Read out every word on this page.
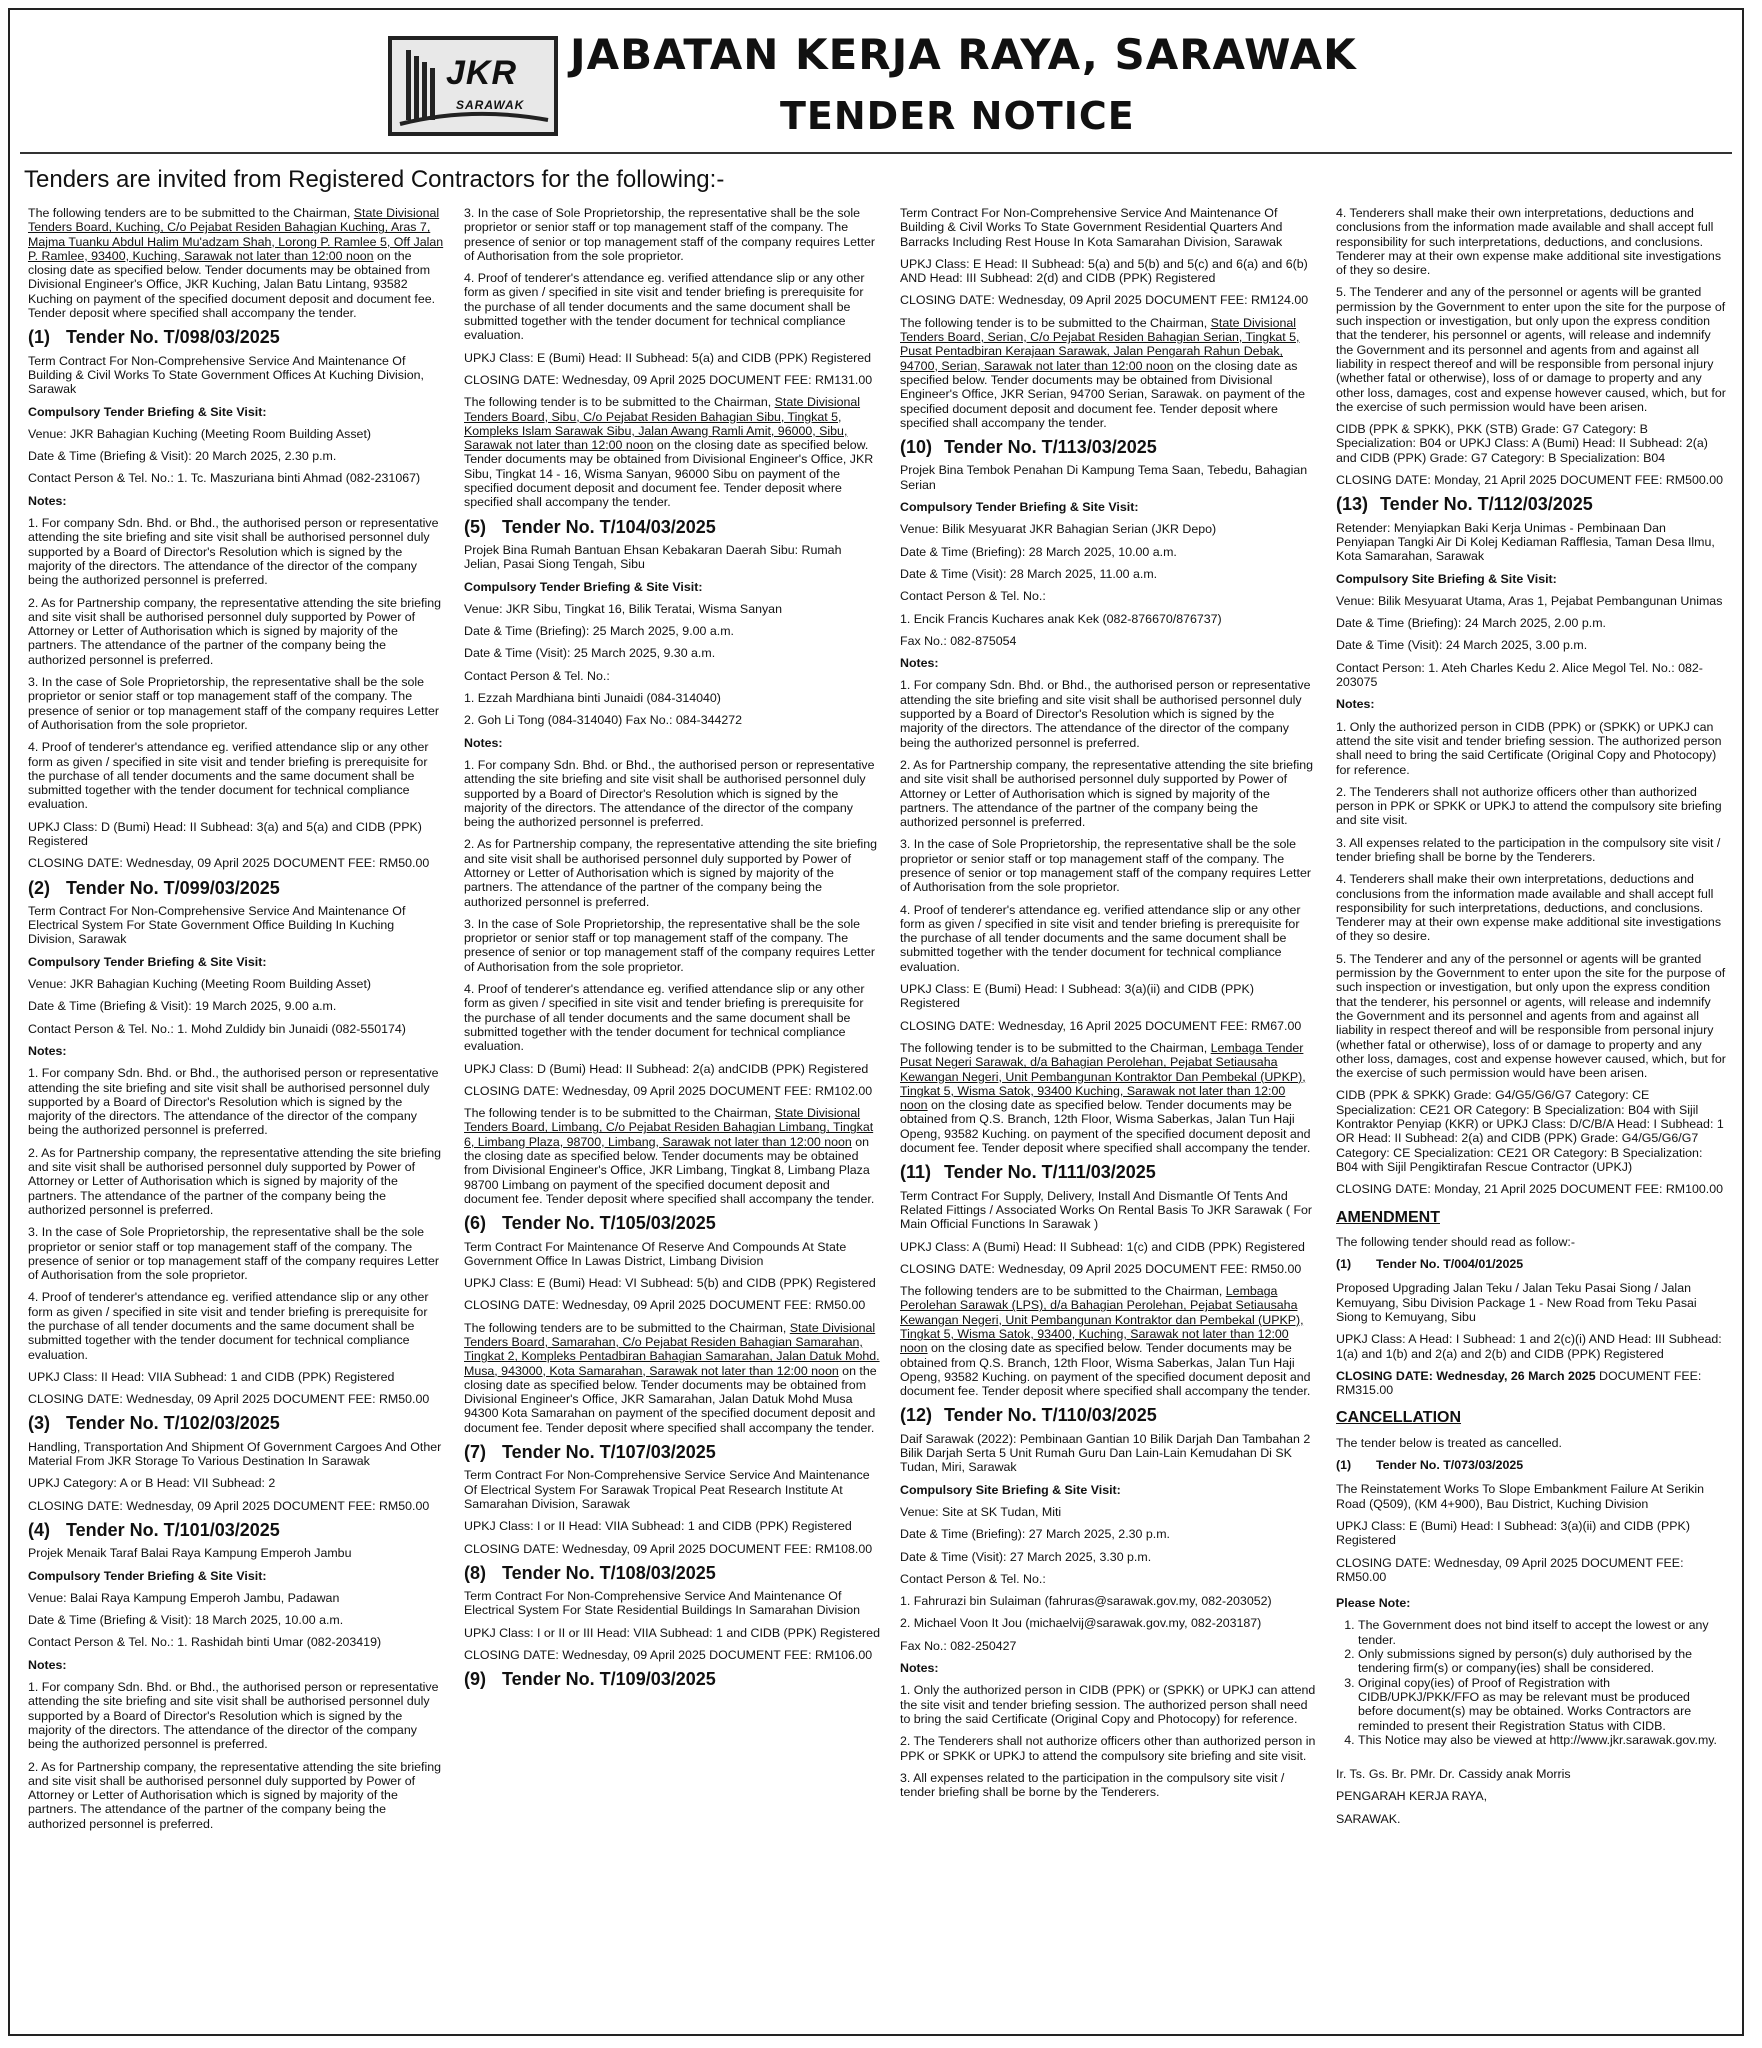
JKR
SARAWAK
JABATAN KERJA RAYA, SARAWAK
TENDER NOTICE
Tenders are invited from Registered Contractors for the following:-

The following tenders are to be submitted to the Chairman, State Divisional Tenders Board, Kuching, C/o Pejabat Residen Bahagian Kuching, Aras 7, Majma Tuanku Abdul Halim Mu'adzam Shah, Lorong P. Ramlee 5, Off Jalan P. Ramlee, 93400, Kuching, Sarawak not later than 12:00 noon on the closing date as specified below. Tender documents may be obtained from Divisional Engineer's Office, JKR Kuching, Jalan Batu Lintang, 93582 Kuching on payment of the specified document deposit and document fee. Tender deposit where specified shall accompany the tender.

(1) Tender No. T/098/03/2025

Term Contract For Non-Comprehensive Service And Maintenance Of Building & Civil Works To State Government Offices At Kuching Division, Sarawak

Compulsory Tender Briefing & Site Visit:

Venue: JKR Bahagian Kuching (Meeting Room Building Asset)

Date & Time (Briefing & Visit): 20 March 2025, 2.30 p.m.

Contact Person & Tel. No.: 1. Tc. Maszuriana binti Ahmad (082-231067)

Notes:

1. For company Sdn. Bhd. or Bhd., the authorised person or representative attending the site briefing and site visit shall be authorised personnel duly supported by a Board of Director's Resolution which is signed by the majority of the directors. The attendance of the director of the company being the authorized personnel is preferred.

2. As for Partnership company, the representative attending the site briefing and site visit shall be authorised personnel duly supported by Power of Attorney or Letter of Authorisation which is signed by majority of the partners. The attendance of the partner of the company being the authorized personnel is preferred.

3. In the case of Sole Proprietorship, the representative shall be the sole proprietor or senior staff or top management staff of the company. The presence of senior or top management staff of the company requires Letter of Authorisation from the sole proprietor.

4. Proof of tenderer's attendance eg. verified attendance slip or any other form as given / specified in site visit and tender briefing is prerequisite for the purchase of all tender documents and the same document shall be submitted together with the tender document for technical compliance evaluation.

UPKJ Class: D (Bumi) Head: II Subhead: 3(a) and 5(a) and CIDB (PPK) Registered

CLOSING DATE: Wednesday, 09 April 2025 DOCUMENT FEE: RM50.00

(2) Tender No. T/099/03/2025

Term Contract For Non-Comprehensive Service And Maintenance Of Electrical System For State Government Office Building In Kuching Division, Sarawak

Compulsory Tender Briefing & Site Visit:

Venue: JKR Bahagian Kuching (Meeting Room Building Asset)

Date & Time (Briefing & Visit): 19 March 2025, 9.00 a.m.

Contact Person & Tel. No.: 1. Mohd Zuldidy bin Junaidi (082-550174)

Notes:

1. For company Sdn. Bhd. or Bhd., the authorised person or representative attending the site briefing and site visit shall be authorised personnel duly supported by a Board of Director's Resolution which is signed by the majority of the directors. The attendance of the director of the company being the authorized personnel is preferred.

2. As for Partnership company, the representative attending the site briefing and site visit shall be authorised personnel duly supported by Power of Attorney or Letter of Authorisation which is signed by majority of the partners. The attendance of the partner of the company being the authorized personnel is preferred.

3. In the case of Sole Proprietorship, the representative shall be the sole proprietor or senior staff or top management staff of the company. The presence of senior or top management staff of the company requires Letter of Authorisation from the sole proprietor.

4. Proof of tenderer's attendance eg. verified attendance slip or any other form as given / specified in site visit and tender briefing is prerequisite for the purchase of all tender documents and the same document shall be submitted together with the tender document for technical compliance evaluation.

UPKJ Class: II Head: VIIA Subhead: 1 and CIDB (PPK) Registered

CLOSING DATE: Wednesday, 09 April 2025 DOCUMENT FEE: RM50.00

(3) Tender No. T/102/03/2025

Handling, Transportation And Shipment Of Government Cargoes And Other Material From JKR Storage To Various Destination In Sarawak

UPKJ Category: A or B Head: VII Subhead: 2

CLOSING DATE: Wednesday, 09 April 2025 DOCUMENT FEE: RM50.00

(4) Tender No. T/101/03/2025

Projek Menaik Taraf Balai Raya Kampung Emperoh Jambu

Compulsory Tender Briefing & Site Visit:

Venue: Balai Raya Kampung Emperoh Jambu, Padawan

Date & Time (Briefing & Visit): 18 March 2025, 10.00 a.m.

Contact Person & Tel. No.: 1. Rashidah binti Umar (082-203419)

Notes:

1. For company Sdn. Bhd. or Bhd., the authorised person or representative attending the site briefing and site visit shall be authorised personnel duly supported by a Board of Director's Resolution which is signed by the majority of the directors. The attendance of the director of the company being the authorized personnel is preferred.

2. As for Partnership company, the representative attending the site briefing and site visit shall be authorised personnel duly supported by Power of Attorney or Letter of Authorisation which is signed by majority of the partners. The attendance of the partner of the company being the authorized personnel is preferred.

3. In the case of Sole Proprietorship, the representative shall be the sole proprietor or senior staff or top management staff of the company. The presence of senior or top management staff of the company requires Letter of Authorisation from the sole proprietor.

4. Proof of tenderer's attendance eg. verified attendance slip or any other form as given / specified in site visit and tender briefing is prerequisite for the purchase of all tender documents and the same document shall be submitted together with the tender document for technical compliance evaluation.

UPKJ Class: E (Bumi) Head: II Subhead: 5(a) and CIDB (PPK) Registered

CLOSING DATE: Wednesday, 09 April 2025 DOCUMENT FEE: RM131.00

The following tender is to be submitted to the Chairman, State Divisional Tenders Board, Sibu, C/o Pejabat Residen Bahagian Sibu, Tingkat 5, Kompleks Islam Sarawak Sibu, Jalan Awang Ramli Amit, 96000, Sibu, Sarawak not later than 12:00 noon on the closing date as specified below. Tender documents may be obtained from Divisional Engineer's Office, JKR Sibu, Tingkat 14 - 16, Wisma Sanyan, 96000 Sibu on payment of the specified document deposit and document fee. Tender deposit where specified shall accompany the tender.

(5) Tender No. T/104/03/2025

Projek Bina Rumah Bantuan Ehsan Kebakaran Daerah Sibu: Rumah Jelian, Pasai Siong Tengah, Sibu

Compulsory Tender Briefing & Site Visit:

Venue: JKR Sibu, Tingkat 16, Bilik Teratai, Wisma Sanyan

Date & Time (Briefing): 25 March 2025, 9.00 a.m.

Date & Time (Visit): 25 March 2025, 9.30 a.m.

Contact Person & Tel. No.:

1. Ezzah Mardhiana binti Junaidi (084-314040)

2. Goh Li Tong (084-314040) Fax No.: 084-344272

Notes:

1. For company Sdn. Bhd. or Bhd., the authorised person or representative attending the site briefing and site visit shall be authorised personnel duly supported by a Board of Director's Resolution which is signed by the majority of the directors. The attendance of the director of the company being the authorized personnel is preferred.

2. As for Partnership company, the representative attending the site briefing and site visit shall be authorised personnel duly supported by Power of Attorney or Letter of Authorisation which is signed by majority of the partners. The attendance of the partner of the company being the authorized personnel is preferred.

3. In the case of Sole Proprietorship, the representative shall be the sole proprietor or senior staff or top management staff of the company. The presence of senior or top management staff of the company requires Letter of Authorisation from the sole proprietor.

4. Proof of tenderer's attendance eg. verified attendance slip or any other form as given / specified in site visit and tender briefing is prerequisite for the purchase of all tender documents and the same document shall be submitted together with the tender document for technical compliance evaluation.

UPKJ Class: D (Bumi) Head: II Subhead: 2(a) andCIDB (PPK) Registered

CLOSING DATE: Wednesday, 09 April 2025 DOCUMENT FEE: RM102.00

The following tender is to be submitted to the Chairman, State Divisional Tenders Board, Limbang, C/o Pejabat Residen Bahagian Limbang, Tingkat 6, Limbang Plaza, 98700, Limbang, Sarawak not later than 12:00 noon on the closing date as specified below. Tender documents may be obtained from Divisional Engineer's Office, JKR Limbang, Tingkat 8, Limbang Plaza 98700 Limbang on payment of the specified document deposit and document fee. Tender deposit where specified shall accompany the tender.

(6) Tender No. T/105/03/2025

Term Contract For Maintenance Of Reserve And Compounds At State Government Office In Lawas District, Limbang Division

UPKJ Class: E (Bumi) Head: VI Subhead: 5(b) and CIDB (PPK) Registered

CLOSING DATE: Wednesday, 09 April 2025 DOCUMENT FEE: RM50.00

The following tenders are to be submitted to the Chairman, State Divisional Tenders Board, Samarahan, C/o Pejabat Residen Bahagian Samarahan, Tingkat 2, Kompleks Pentadbiran Bahagian Samarahan, Jalan Datuk Mohd. Musa, 943000, Kota Samarahan, Sarawak not later than 12:00 noon on the closing date as specified below. Tender documents may be obtained from Divisional Engineer's Office, JKR Samarahan, Jalan Datuk Mohd Musa 94300 Kota Samarahan on payment of the specified document deposit and document fee. Tender deposit where specified shall accompany the tender.

(7) Tender No. T/107/03/2025

Term Contract For Non-Comprehensive Service Service And Maintenance Of Electrical System For Sarawak Tropical Peat Research Institute At Samarahan Division, Sarawak

UPKJ Class: I or II Head: VIIA Subhead: 1 and CIDB (PPK) Registered

CLOSING DATE: Wednesday, 09 April 2025 DOCUMENT FEE: RM108.00

(8) Tender No. T/108/03/2025

Term Contract For Non-Comprehensive Service And Maintenance Of Electrical System For State Residential Buildings In Samarahan Division

UPKJ Class: I or II or III Head: VIIA Subhead: 1 and CIDB (PPK) Registered

CLOSING DATE: Wednesday, 09 April 2025 DOCUMENT FEE: RM106.00

(9) Tender No. T/109/03/2025

Term Contract For Non-Comprehensive Service And Maintenance Of Building & Civil Works To State Government Residential Quarters And Barracks Including Rest House In Kota Samarahan Division, Sarawak

UPKJ Class: E Head: II Subhead: 5(a) and 5(b) and 5(c) and 6(a) and 6(b) AND Head: III Subhead: 2(d) and CIDB (PPK) Registered

CLOSING DATE: Wednesday, 09 April 2025 DOCUMENT FEE: RM124.00

The following tender is to be submitted to the Chairman, State Divisional Tenders Board, Serian, C/o Pejabat Residen Bahagian Serian, Tingkat 5, Pusat Pentadbiran Kerajaan Sarawak, Jalan Pengarah Rahun Debak, 94700, Serian, Sarawak not later than 12:00 noon on the closing date as specified below. Tender documents may be obtained from Divisional Engineer's Office, JKR Serian, 94700 Serian, Sarawak. on payment of the specified document deposit and document fee. Tender deposit where specified shall accompany the tender.

(10) Tender No. T/113/03/2025

Projek Bina Tembok Penahan Di Kampung Tema Saan, Tebedu, Bahagian Serian

Compulsory Tender Briefing & Site Visit:

Venue: Bilik Mesyuarat JKR Bahagian Serian (JKR Depo)

Date & Time (Briefing): 28 March 2025, 10.00 a.m.

Date & Time (Visit): 28 March 2025, 11.00 a.m.

Contact Person & Tel. No.:

1. Encik Francis Kuchares anak Kek (082-876670/876737)

Fax No.: 082-875054

Notes:

1. For company Sdn. Bhd. or Bhd., the authorised person or representative attending the site briefing and site visit shall be authorised personnel duly supported by a Board of Director's Resolution which is signed by the majority of the directors. The attendance of the director of the company being the authorized personnel is preferred.

2. As for Partnership company, the representative attending the site briefing and site visit shall be authorised personnel duly supported by Power of Attorney or Letter of Authorisation which is signed by majority of the partners. The attendance of the partner of the company being the authorized personnel is preferred.

3. In the case of Sole Proprietorship, the representative shall be the sole proprietor or senior staff or top management staff of the company. The presence of senior or top management staff of the company requires Letter of Authorisation from the sole proprietor.

4. Proof of tenderer's attendance eg. verified attendance slip or any other form as given / specified in site visit and tender briefing is prerequisite for the purchase of all tender documents and the same document shall be submitted together with the tender document for technical compliance evaluation.

UPKJ Class: E (Bumi) Head: I Subhead: 3(a)(ii) and CIDB (PPK) Registered

CLOSING DATE: Wednesday, 16 April 2025 DOCUMENT FEE: RM67.00

The following tender is to be submitted to the Chairman, Lembaga Tender Pusat Negeri Sarawak, d/a Bahagian Perolehan, Pejabat Setiausaha Kewangan Negeri, Unit Pembangunan Kontraktor Dan Pembekal (UPKP), Tingkat 5, Wisma Satok, 93400 Kuching, Sarawak not later than 12:00 noon on the closing date as specified below. Tender documents may be obtained from Q.S. Branch, 12th Floor, Wisma Saberkas, Jalan Tun Haji Openg, 93582 Kuching. on payment of the specified document deposit and document fee. Tender deposit where specified shall accompany the tender.

(11) Tender No. T/111/03/2025

Term Contract For Supply, Delivery, Install And Dismantle Of Tents And Related Fittings / Associated Works On Rental Basis To JKR Sarawak ( For Main Official Functions In Sarawak )

UPKJ Class: A (Bumi) Head: II Subhead: 1(c) and CIDB (PPK) Registered

CLOSING DATE: Wednesday, 09 April 2025 DOCUMENT FEE: RM50.00

The following tenders are to be submitted to the Chairman, Lembaga Perolehan Sarawak (LPS), d/a Bahagian Perolehan, Pejabat Setiausaha Kewangan Negeri, Unit Pembangunan Kontraktor dan Pembekal (UPKP), Tingkat 5, Wisma Satok, 93400, Kuching, Sarawak not later than 12:00 noon on the closing date as specified below. Tender documents may be obtained from Q.S. Branch, 12th Floor, Wisma Saberkas, Jalan Tun Haji Openg, 93582 Kuching. on payment of the specified document deposit and document fee. Tender deposit where specified shall accompany the tender.

(12) Tender No. T/110/03/2025

Daif Sarawak (2022): Pembinaan Gantian 10 Bilik Darjah Dan Tambahan 2 Bilik Darjah Serta 5 Unit Rumah Guru Dan Lain-Lain Kemudahan Di SK Tudan, Miri, Sarawak

Compulsory Site Briefing & Site Visit:

Venue: Site at SK Tudan, Miti

Date & Time (Briefing): 27 March 2025, 2.30 p.m.

Date & Time (Visit): 27 March 2025, 3.30 p.m.

Contact Person & Tel. No.:

1. Fahrurazi bin Sulaiman (fahruras@sarawak.gov.my, 082-203052)

2. Michael Voon It Jou (michaelvij@sarawak.gov.my, 082-203187)

Fax No.: 082-250427

Notes:

1. Only the authorized person in CIDB (PPK) or (SPKK) or UPKJ can attend the site visit and tender briefing session. The authorized person shall need to bring the said Certificate (Original Copy and Photocopy) for reference.

2. The Tenderers shall not authorize officers other than authorized person in PPK or SPKK or UPKJ to attend the compulsory site briefing and site visit.

3. All expenses related to the participation in the compulsory site visit / tender briefing shall be borne by the Tenderers.

4. Tenderers shall make their own interpretations, deductions and conclusions from the information made available and shall accept full responsibility for such interpretations, deductions, and conclusions. Tenderer may at their own expense make additional site investigations of they so desire.

5. The Tenderer and any of the personnel or agents will be granted permission by the Government to enter upon the site for the purpose of such inspection or investigation, but only upon the express condition that the tenderer, his personnel or agents, will release and indemnify the Government and its personnel and agents from and against all liability in respect thereof and will be responsible from personal injury (whether fatal or otherwise), loss of or damage to property and any other loss, damages, cost and expense however caused, which, but for the exercise of such permission would have been arisen.

CIDB (PPK & SPKK), PKK (STB) Grade: G7 Category: B Specialization: B04 or UPKJ Class: A (Bumi) Head: II Subhead: 2(a) and CIDB (PPK) Grade: G7 Category: B Specialization: B04

CLOSING DATE: Monday, 21 April 2025 DOCUMENT FEE: RM500.00

(13) Tender No. T/112/03/2025

Retender: Menyiapkan Baki Kerja Unimas - Pembinaan Dan Penyiapan Tangki Air Di Kolej Kediaman Rafflesia, Taman Desa Ilmu, Kota Samarahan, Sarawak

Compulsory Site Briefing & Site Visit:

Venue: Bilik Mesyuarat Utama, Aras 1, Pejabat Pembangunan Unimas

Date & Time (Briefing): 24 March 2025, 2.00 p.m.

Date & Time (Visit): 24 March 2025, 3.00 p.m.

Contact Person: 1. Ateh Charles Kedu 2. Alice Megol Tel. No.: 082-203075

Notes:

1. Only the authorized person in CIDB (PPK) or (SPKK) or UPKJ can attend the site visit and tender briefing session. The authorized person shall need to bring the said Certificate (Original Copy and Photocopy) for reference.

2. The Tenderers shall not authorize officers other than authorized person in PPK or SPKK or UPKJ to attend the compulsory site briefing and site visit.

3. All expenses related to the participation in the compulsory site visit / tender briefing shall be borne by the Tenderers.

4. Tenderers shall make their own interpretations, deductions and conclusions from the information made available and shall accept full responsibility for such interpretations, deductions, and conclusions. Tenderer may at their own expense make additional site investigations of they so desire.

5. The Tenderer and any of the personnel or agents will be granted permission by the Government to enter upon the site for the purpose of such inspection or investigation, but only upon the express condition that the tenderer, his personnel or agents, will release and indemnify the Government and its personnel and agents from and against all liability in respect thereof and will be responsible from personal injury (whether fatal or otherwise), loss of or damage to property and any other loss, damages, cost and expense however caused, which, but for the exercise of such permission would have been arisen.

CIDB (PPK & SPKK) Grade: G4/G5/G6/G7 Category: CE Specialization: CE21 OR Category: B Specialization: B04 with Sijil Kontraktor Penyiap (KKR) or UPKJ Class: D/C/B/A Head: I Subhead: 1 OR Head: II Subhead: 2(a) and CIDB (PPK) Grade: G4/G5/G6/G7 Category: CE Specialization: CE21 OR Category: B Specialization: B04 with Sijil Pengiktirafan Rescue Contractor (UPKJ)

CLOSING DATE: Monday, 21 April 2025 DOCUMENT FEE: RM100.00

AMENDMENT

The following tender should read as follow:-

(1) Tender No. T/004/01/2025

Proposed Upgrading Jalan Teku / Jalan Teku Pasai Siong / Jalan Kemuyang, Sibu Division Package 1 - New Road from Teku Pasai Siong to Kemuyang, Sibu

UPKJ Class: A Head: I Subhead: 1 and 2(c)(i) AND Head: III Subhead: 1(a) and 1(b) and 2(a) and 2(b) and CIDB (PPK) Registered

CLOSING DATE: Wednesday, 26 March 2025 DOCUMENT FEE: RM315.00

CANCELLATION

The tender below is treated as cancelled.

(1) Tender No. T/073/03/2025

The Reinstatement Works To Slope Embankment Failure At Serikin Road (Q509), (KM 4+900), Bau District, Kuching Division

UPKJ Class: E (Bumi) Head: I Subhead: 3(a)(ii) and CIDB (PPK) Registered

CLOSING DATE: Wednesday, 09 April 2025 DOCUMENT FEE: RM50.00

Please Note:

1. The Government does not bind itself to accept the lowest or any tender.
2. Only submissions signed by person(s) duly authorised by the tendering firm(s) or company(ies) shall be considered.
3. Original copy(ies) of Proof of Registration with CIDB/UPKJ/PKK/FFO as may be relevant must be produced before document(s) may be obtained. Works Contractors are reminded to present their Registration Status with CIDB.
4. This Notice may also be viewed at http://www.jkr.sarawak.gov.my.

Ir. Ts. Gs. Br. PMr. Dr. Cassidy anak Morris

PENGARAH KERJA RAYA,

SARAWAK.
